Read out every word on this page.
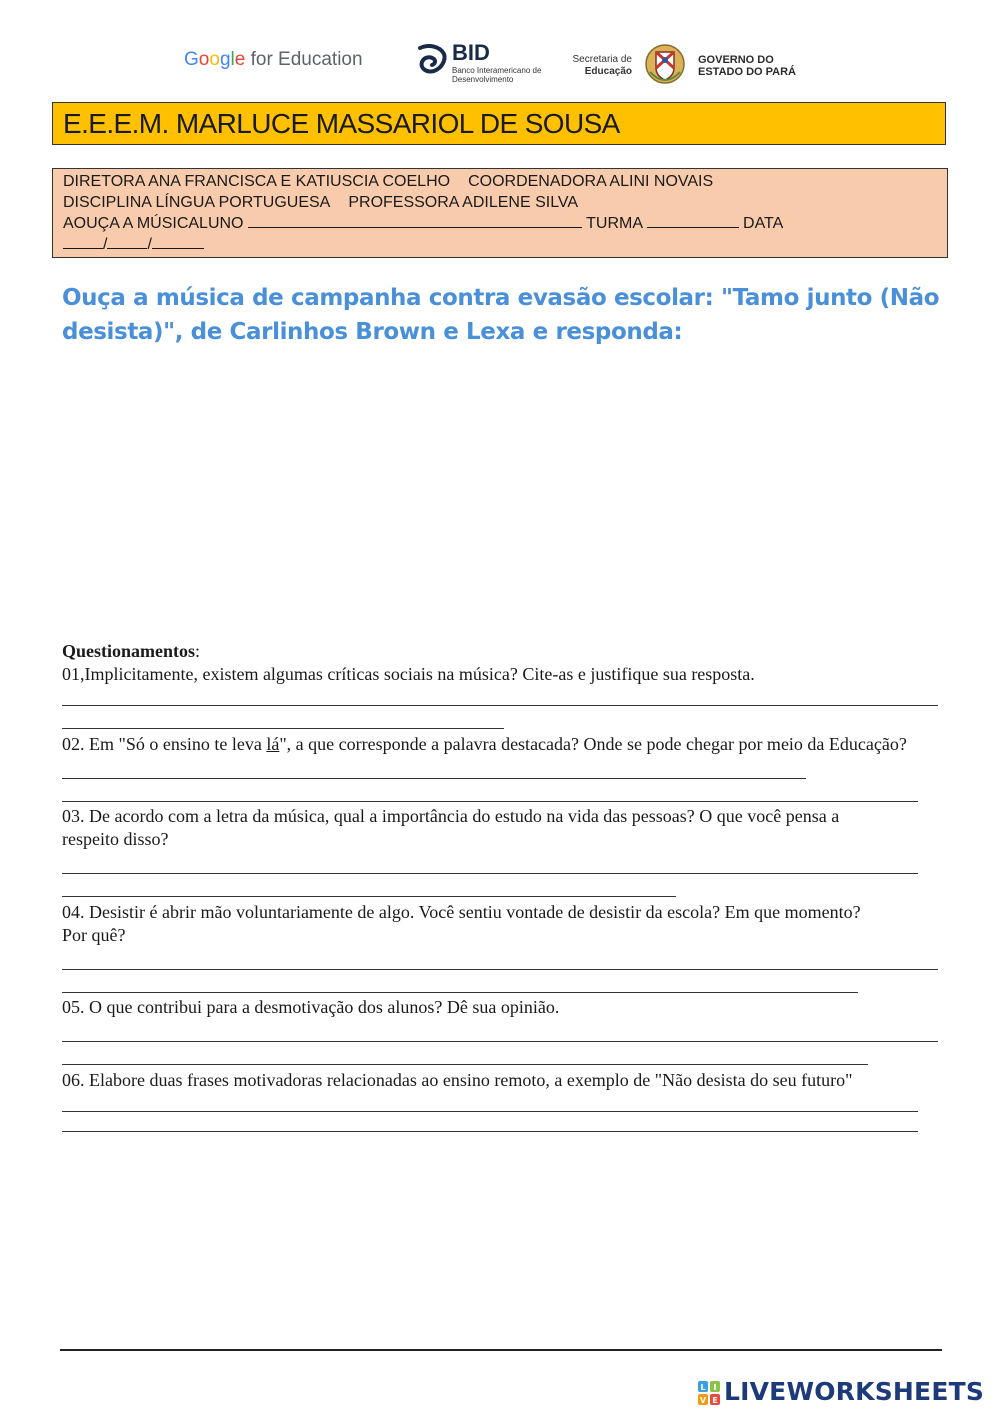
Google for Education	BID
Banco Interamericano de Desenvolvimento
Secretaria de
Educação
GOVERNO DO
ESTADO DO PARÁ
E.E.E.M. MARLUCE MASSARIOL DE SOUSA
DIRETORA ANA FRANCISCA E KATIUSCIA COELHO COORDENADORA ALINI NOVAIS
DISCIPLINA LÍNGUA PORTUGUESA PROFESSORA ADILENE SILVA
AOUÇA A MÚSICALUNO	TURMA	DATA
/	/
Ouça a música de campanha contra evasão escolar: "Tamo junto (Não desista)", de Carlinhos Brown e Lexa e responda:
Questionamentos:
01,Implicitamente, existem algumas críticas sociais na música? Cite-as e justifique sua resposta.
02. Em "Só o ensino te leva lá", a que corresponde a palavra destacada? Onde se pode chegar por meio da Educação?
03. De acordo com a letra da música, qual a importância do estudo na vida das pessoas? O que você pensa a respeito disso?
04. Desistir é abrir mão voluntariamente de algo. Você sentiu vontade de desistir da escola? Em que momento? Por quê?
05. O que contribui para a desmotivação dos alunos? Dê sua opinião.
06. Elabore duas frases motivadoras relacionadas ao ensino remoto, a exemplo de "Não desista do seu futuro"
L I
V E LIVEWORKSHEETS
